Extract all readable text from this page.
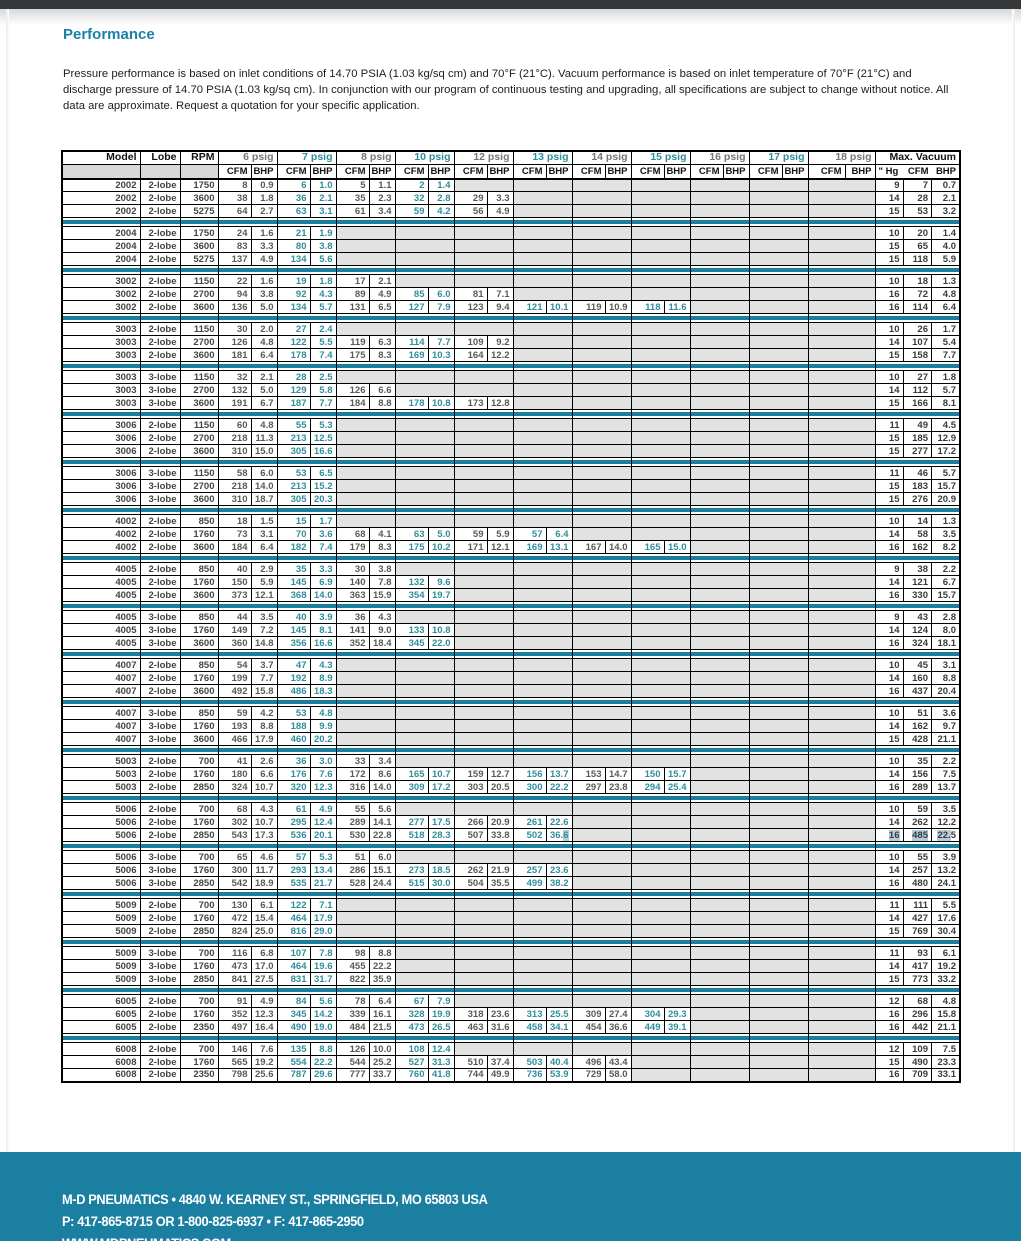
Performance
Pressure performance is based on inlet conditions of 14.70 PSIA (1.03 kg/sq cm) and 70°F (21°C). Vacuum performance is based on inlet temperature of 70°F (21°C) and discharge pressure of 14.70 PSIA (1.03 kg/sq cm). In conjunction with our program of continuous testing and upgrading, all specifications are subject to change without notice. All data are approximate. Request a quotation for your specific application.
Model	Lobe	RPM	6 psig		7 psig		8 psig		10 psig		12 psig		13 psig		14 psig		15 psig		16 psig		17 psig		18 psig		Max. Vacuum		
			CFM	BHP	CFM	BHP	CFM	BHP	CFM	BHP	CFM	BHP	CFM	BHP	CFM	BHP	CFM	BHP	CFM	BHP	CFM	BHP	CFM	BHP	" Hg	CFM	BHP
2002	2-lobe	1750	8	0.9	6	1.0	5	1.1	2	1.4															9	7	0.7
2002	2-lobe	3600	38	1.8	36	2.1	35	2.3	32	2.8	29	3.3													14	28	2.1
2002	2-lobe	5275	64	2.7	63	3.1	61	3.4	59	4.2	56	4.9													15	53	3.2

2004	2-lobe	1750	24	1.6	21	1.9																			10	20	1.4
2004	2-lobe	3600	83	3.3	80	3.8																			15	65	4.0
2004	2-lobe	5275	137	4.9	134	5.6																			15	118	5.9

3002	2-lobe	1150	22	1.6	19	1.8	17	2.1																	10	18	1.3
3002	2-lobe	2700	94	3.8	92	4.3	89	4.9	85	6.0	81	7.1													16	72	4.8
3002	2-lobe	3600	136	5.0	134	5.7	131	6.5	127	7.9	123	9.4	121	10.1	119	10.9	118	11.6							16	114	6.4

3003	2-lobe	1150	30	2.0	27	2.4																			10	26	1.7
3003	2-lobe	2700	126	4.8	122	5.5	119	6.3	114	7.7	109	9.2													14	107	5.4
3003	2-lobe	3600	181	6.4	178	7.4	175	8.3	169	10.3	164	12.2													15	158	7.7

3003	3-lobe	1150	32	2.1	28	2.5																			10	27	1.8
3003	3-lobe	2700	132	5.0	129	5.8	126	6.6																	14	112	5.7
3003	3-lobe	3600	191	6.7	187	7.7	184	8.8	178	10.8	173	12.8													15	166	8.1

3006	2-lobe	1150	60	4.8	55	5.3																			11	49	4.5
3006	2-lobe	2700	218	11.3	213	12.5																			15	185	12.9
3006	2-lobe	3600	310	15.0	305	16.6																			15	277	17.2

3006	3-lobe	1150	58	6.0	53	6.5																			11	46	5.7
3006	3-lobe	2700	218	14.0	213	15.2																			15	183	15.7
3006	3-lobe	3600	310	18.7	305	20.3																			15	276	20.9

4002	2-lobe	850	18	1.5	15	1.7																			10	14	1.3
4002	2-lobe	1760	73	3.1	70	3.6	68	4.1	63	5.0	59	5.9	57	6.4											14	58	3.5
4002	2-lobe	3600	184	6.4	182	7.4	179	8.3	175	10.2	171	12.1	169	13.1	167	14.0	165	15.0							16	162	8.2

4005	2-lobe	850	40	2.9	35	3.3	30	3.8																	9	38	2.2
4005	2-lobe	1760	150	5.9	145	6.9	140	7.8	132	9.6															14	121	6.7
4005	2-lobe	3600	373	12.1	368	14.0	363	15.9	354	19.7															16	330	15.7

4005	3-lobe	850	44	3.5	40	3.9	36	4.3																	9	43	2.8
4005	3-lobe	1760	149	7.2	145	8.1	141	9.0	133	10.8															14	124	8.0
4005	3-lobe	3600	360	14.8	356	16.6	352	18.4	345	22.0															16	324	18.1

4007	2-lobe	850	54	3.7	47	4.3																			10	45	3.1
4007	2-lobe	1760	199	7.7	192	8.9																			14	160	8.8
4007	2-lobe	3600	492	15.8	486	18.3																			16	437	20.4

4007	3-lobe	850	59	4.2	53	4.8																			10	51	3.6
4007	3-lobe	1760	193	8.8	188	9.9																			14	162	9.7
4007	3-lobe	3600	466	17.9	460	20.2																			15	428	21.1

5003	2-lobe	700	41	2.6	36	3.0	33	3.4																	10	35	2.2
5003	2-lobe	1760	180	6.6	176	7.6	172	8.6	165	10.7	159	12.7	156	13.7	153	14.7	150	15.7							14	156	7.5
5003	2-lobe	2850	324	10.7	320	12.3	316	14.0	309	17.2	303	20.5	300	22.2	297	23.8	294	25.4							16	289	13.7

5006	2-lobe	700	68	4.3	61	4.9	55	5.6																	10	59	3.5
5006	2-lobe	1760	302	10.7	295	12.4	289	14.1	277	17.5	266	20.9	261	22.6											14	262	12.2
5006	2-lobe	2850	543	17.3	536	20.1	530	22.8	518	28.3	507	33.8	502	36.6											16	485	22.5

5006	3-lobe	700	65	4.6	57	5.3	51	6.0																	10	55	3.9
5006	3-lobe	1760	300	11.7	293	13.4	286	15.1	273	18.5	262	21.9	257	23.6											14	257	13.2
5006	3-lobe	2850	542	18.9	535	21.7	528	24.4	515	30.0	504	35.5	499	38.2											16	480	24.1

5009	2-lobe	700	130	6.1	122	7.1																			11	111	5.5
5009	2-lobe	1760	472	15.4	464	17.9																			14	427	17.6
5009	2-lobe	2850	824	25.0	816	29.0																			15	769	30.4

5009	3-lobe	700	116	6.8	107	7.8	98	8.8																	11	93	6.1
5009	3-lobe	1760	473	17.0	464	19.6	455	22.2																	14	417	19.2
5009	3-lobe	2850	841	27.5	831	31.7	822	35.9																	15	773	33.2

6005	2-lobe	700	91	4.9	84	5.6	78	6.4	67	7.9															12	68	4.8
6005	2-lobe	1760	352	12.3	345	14.2	339	16.1	328	19.9	318	23.6	313	25.5	309	27.4	304	29.3							16	296	15.8
6005	2-lobe	2350	497	16.4	490	19.0	484	21.5	473	26.5	463	31.6	458	34.1	454	36.6	449	39.1							16	442	21.1

6008	2-lobe	700	146	7.6	135	8.8	126	10.0	108	12.4															12	109	7.5
6008	2-lobe	1760	565	19.2	554	22.2	544	25.2	527	31.3	510	37.4	503	40.4	496	43.4									15	490	23.3
6008	2-lobe	2350	798	25.6	787	29.6	777	33.7	760	41.8	744	49.9	736	53.9	729	58.0									16	709	33.1
M-D PNEUMATICS • 4840 W. KEARNEY ST., SPRINGFIELD, MO 65803 USA
P: 417-865-8715 OR 1-800-825-6937 • F: 417-865-2950
WWW.MDPNEUMATICS.COM
